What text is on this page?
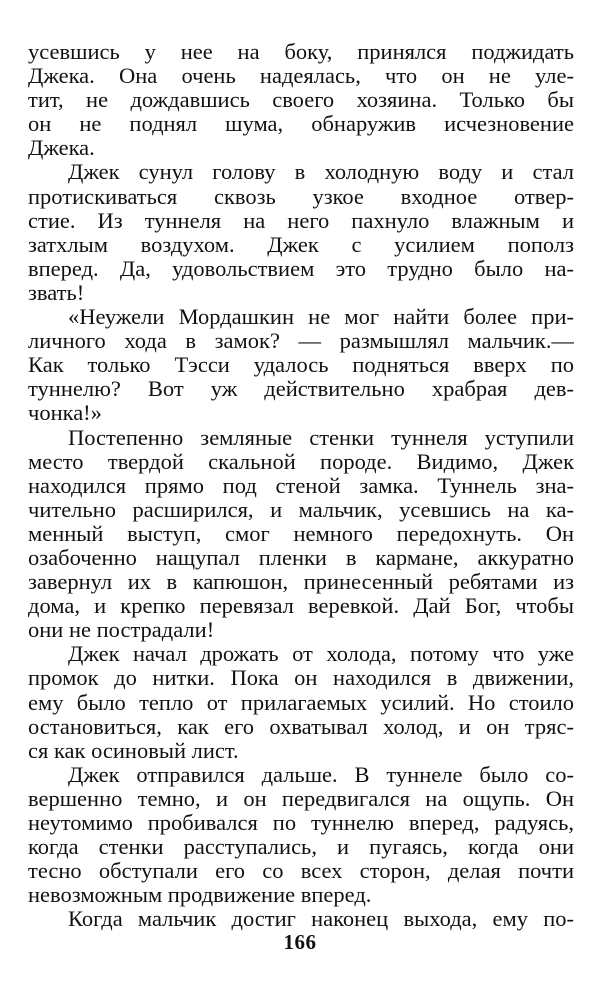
усевшись у нее на боку, принялся поджидать
Джека. Она очень надеялась, что он не уле-
тит, не дождавшись своего хозяина. Только бы
он не поднял шума, обнаружив исчезновение
Джека.

Джек сунул голову в холодную воду и стал
протискиваться сквозь узкое входное отвер-
стие. Из туннеля на него пахнуло влажным и
затхлым воздухом. Джек с усилием пополз
вперед. Да, удовольствием это трудно было на-
звать!

«Неужели Мордашкин не мог найти более при-
личного хода в замок? — размышлял мальчик.—
Как только Тэсси удалось подняться вверх по
туннелю? Вот уж действительно храбрая дев-
чонка!»

Постепенно земляные стенки туннеля уступили
место твердой скальной породе. Видимо, Джек
находился прямо под стеной замка. Туннель зна-
чительно расширился, и мальчик, усевшись на ка-
менный выступ, смог немного передохнуть. Он
озабоченно нащупал пленки в кармане, аккуратно
завернул их в капюшон, принесенный ребятами из
дома, и крепко перевязал веревкой. Дай Бог, чтобы
они не пострадали!

Джек начал дрожать от холода, потому что уже
промок до нитки. Пока он находился в движении,
ему было тепло от прилагаемых усилий. Но стоило
остановиться, как его охватывал холод, и он тряс-
ся как осиновый лист.

Джек отправился дальше. В туннеле было со-
вершенно темно, и он передвигался на ощупь. Он
неутомимо пробивался по туннелю вперед, радуясь,
когда стенки расступались, и пугаясь, когда они
тесно обступали его со всех сторон, делая почти
невозможным продвижение вперед.

Когда мальчик достиг наконец выхода, ему по-

166
